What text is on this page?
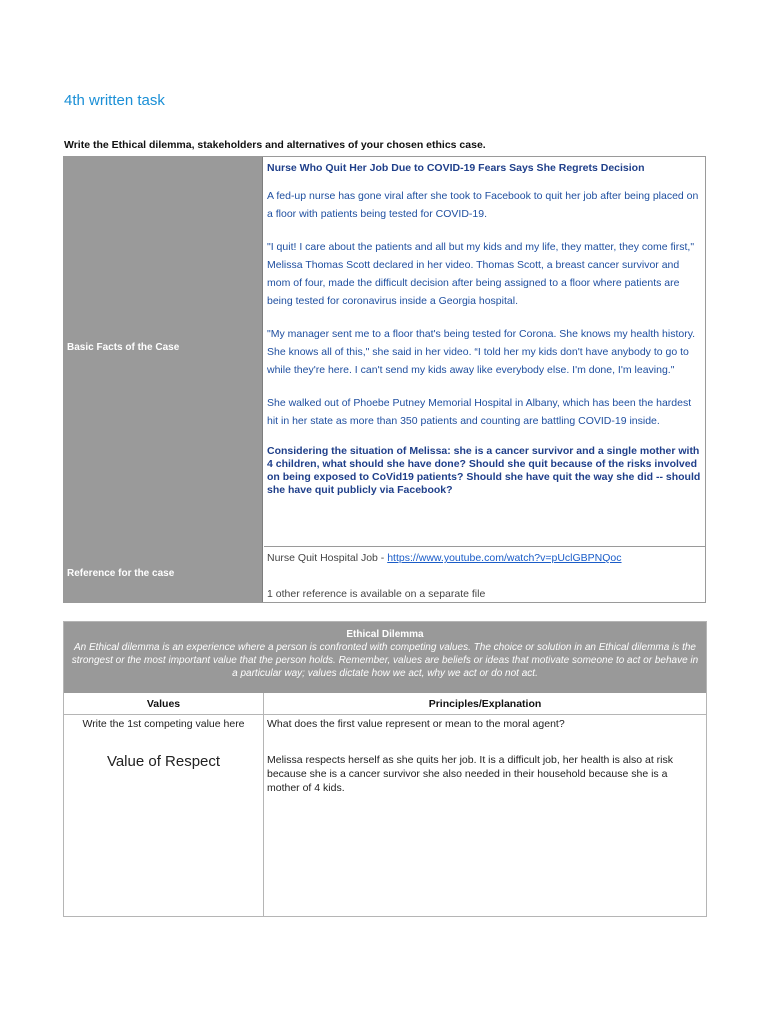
4th written task
Write the Ethical dilemma, stakeholders and alternatives of your chosen ethics case.
Basic Facts of the Case
Reference for the case

Nurse Who Quit Her Job Due to COVID-19 Fears Says She Regrets Decision

A fed-up nurse has gone viral after she took to Facebook to quit her job after being placed on a floor with patients being tested for COVID-19.

"I quit! I care about the patients and all but my kids and my life, they matter, they come first," Melissa Thomas Scott declared in her video. Thomas Scott, a breast cancer survivor and mom of four, made the difficult decision after being assigned to a floor where patients are being tested for coronavirus inside a Georgia hospital.

"My manager sent me to a floor that's being tested for Corona. She knows my health history. She knows all of this," she said in her video. “I told her my kids don't have anybody to go to while they're here. I can't send my kids away like everybody else. I'm done, I'm leaving."

She walked out of Phoebe Putney Memorial Hospital in Albany, which has been the hardest hit in her state as more than 350 patients and counting are battling COVID-19 inside.

Considering the situation of Melissa: she is a cancer survivor and a single mother with 4 children, what should she have done? Should she quit because of the risks involved on being exposed to CoVid19 patients? Should she have quit the way she did -- should she have quit publicly via Facebook?

Nurse Quit Hospital Job - https://www.youtube.com/watch?v=pUclGBPNQoc
1 other reference is available on a separate file
Ethical Dilemma
An Ethical dilemma is an experience where a person is confronted with competing values. The choice or solution in an Ethical dilemma is the strongest or the most important value that the person holds. Remember, values are beliefs or ideas that motivate someone to act or behave in a particular way; values dictate how we act, why we act or do not act.
Values	Principles/Explanation
Write the 1st competing value here
Value of Respect
What does the first value represent or mean to the moral agent?
Melissa respects herself as she quits her job. It is a difficult job, her health is also at risk because she is a cancer survivor she also needed in their household because she is a mother of 4 kids.
